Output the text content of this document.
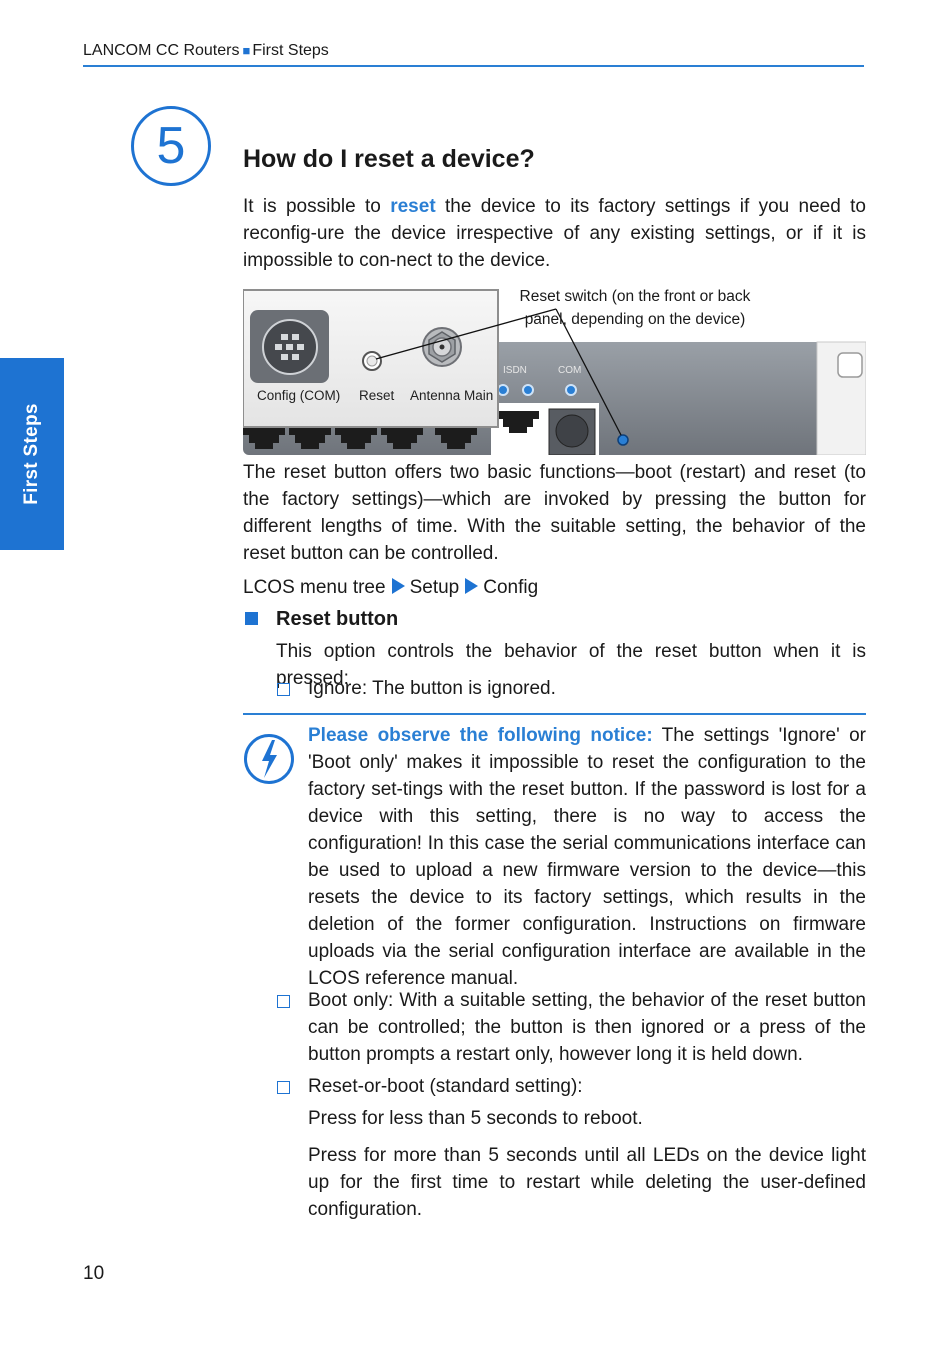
LANCOM CC Routers ■ First Steps
First Steps
5	How do I reset a device?

It is possible to reset the device to its factory settings if you need to reconfig-ure the device irrespective of any existing settings, or if it is impossible to con-nect to the device.

ISDN	COM
Config (COM) Reset Antenna Main
Reset switch (on the front or back
panel, depending on the device)

The reset button offers two basic functions—boot (restart) and reset (to the factory settings)—which are invoked by pressing the button for different lengths of time. With the suitable setting, the behavior of the reset button can be controlled.

LCOS menu tree Setup Config
Reset button

This option controls the behavior of the reset button when it is pressed:

Ignore: The button is ignored.

Please observe the following notice: The settings 'Ignore' or 'Boot only' makes it impossible to reset the configuration to the factory set-tings with the reset button. If the password is lost for a device with this setting, there is no way to access the configuration! In this case the serial communications interface can be used to upload a new firmware version to the device—this resets the device to its factory settings, which results in the deletion of the former configuration. Instructions on firmware uploads via the serial configuration interface are available in the LCOS reference manual.

Boot only: With a suitable setting, the behavior of the reset button can be controlled; the button is then ignored or a press of the button prompts a restart only, however long it is held down.

Reset-or-boot (standard setting):

Press for less than 5 seconds to reboot.

Press for more than 5 seconds until all LEDs on the device light up for the first time to restart while deleting the user-defined configuration.

10
